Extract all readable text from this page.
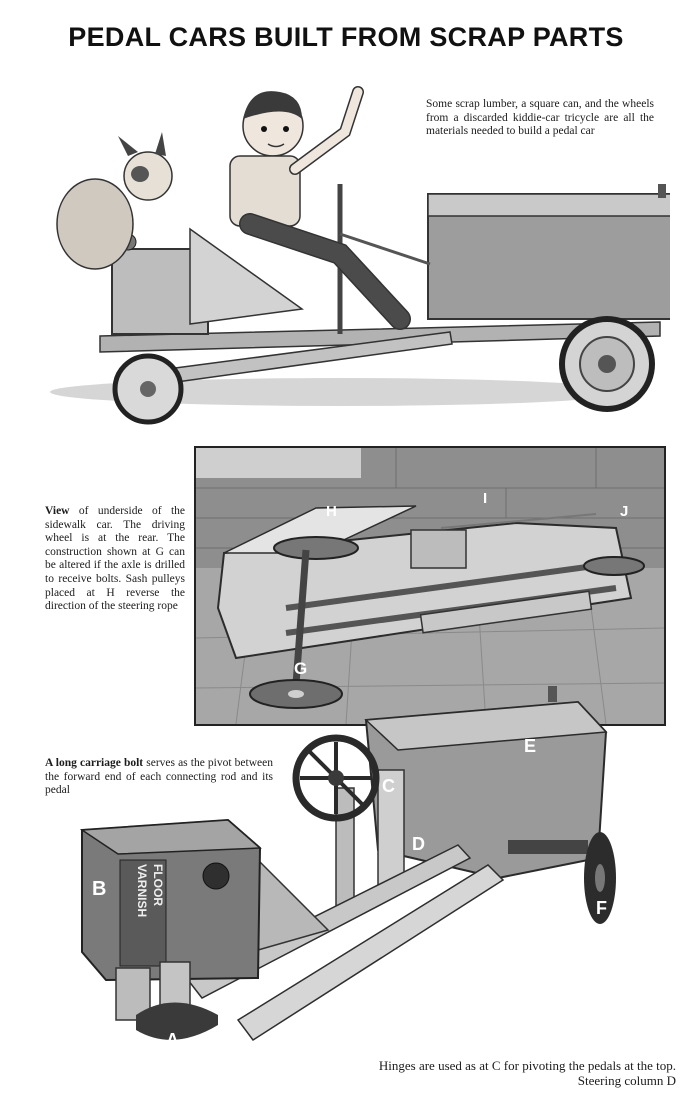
PEDAL CARS BUILT FROM SCRAP PARTS
Some scrap lumber, a square can, and the wheels from a discarded kiddie-car tricycle are all the materials needed to build a pedal car
H
I
J
G
View of underside of the sidewalk car. The driving wheel is at the rear. The construction shown at G can be altered if the axle is drilled to receive bolts. Sash pulleys placed at H reverse the direction of the steering rope
A long carriage bolt serves as the pivot between the forward end of each connecting rod and its pedal
FLOOR
VARNISH
E
C
D
B
F
I
A
Hinges are used as at C for pivoting the pedals at the top. Steering column D
